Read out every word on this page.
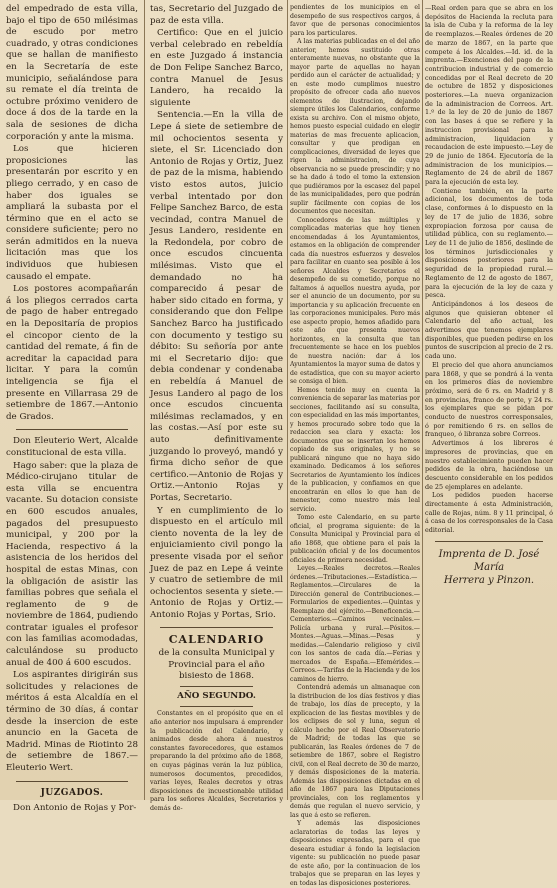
del empedrado de esta villa, bajo el tipo de 650 milésimas de escudo por metro cuadrado, y otras condiciones que se hallan de manifiesto en la Secretaría de este municipio, señalándose para su remate el día treinta de octubre próximo venidero de doce á dos de la tarde en la sala de sesiones de dicha corporación y ante la misma.

Los que hicieren proposiciones las presentarán por escrito y en pliego cerrado, y en caso de haber dos iguales se ampliará la subasta por el término que en el acto se considere suficiente; pero no serán admitidos en la nueva licitación mas que los individuos que hubiesen causado el empate.

Los postores acompañarán á los pliegos cerrados carta de pago de haber entregado en la Depositaría de propios el cincopor ciento de la cantidad del remate, á fin de acreditar la capacidad para licitar. Y para la común inteligencia se fija el presente en Villarrasa 29 de setiembre de 1867.—Antonio de Grados.

Don Eleuterio Wert, Alcalde constitucional de esta villa.

Hago saber: que la plaza de Médico-cirujano titular de esta villa se encuentra vacante. Su dotacion consiste en 600 escudos anuales, pagados del presupuesto municipal, y 200 por la Hacienda, respectivo á la asistencia de los heridos del hospital de estas Minas, con la obligación de asistir las familias pobres que señala el reglamento de 9 de noviembre de 1864, pudiendo contratar iguales el profesor con las familias acomodadas, calculándose su producto anual de 400 á 600 escudos.

Los aspirantes dirigirán sus solicitudes y relaciones de méritos á esta Alcaldía en el término de 30 días, á contar desde la insercion de este anuncio en la Gaceta de Madrid. Minas de Riotinto 28 de setiembre de 1867.—Eleuterio Wert.

JUZGADOS.

Don Antonio de Rojas y Por-

tas, Secretario del Juzgado de paz de esta villa.

Certifico: Que en el juicio verbal celebrado en rebeldía en este Juzgado á instancia de Don Felipe Sanchez Barco, contra Manuel de Jesus Landero, ha recaido la siguiente

Sentencia.—En la villa de Lepe á siete de setiembre de mil ochocientos sesenta y siete, el Sr. Licenciado don Antonio de Rojas y Ortiz, Juez de paz de la misma, habiendo visto estos autos, juicio verbal intentado por don Felipe Sanchez Barco, de esta vecindad, contra Manuel de Jesus Landero, residente en la Redondela, por cobro de once escudos cincuenta milésimas. Visto que el demandado no ha comparecido á pesar de haber sido citado en forma, y considerando que don Felipe Sanchez Barco ha justificado con documento y testigo su débito: Su señoría por ante mi el Secretario dijo: que debia condenar y condenaba en rebeldía á Manuel de Jesus Landero al pago de los once escudos cincuenta milésimas reclamados, y en las costas.—Así por este su auto definitivamente juzgando lo proveyó, mandó y firma dicho señor de que certifico.—Antonio de Rojas y Ortiz.—Antonio Rojas y Portas, Secretario.

Y en cumplimiento de lo dispuesto en el artículo mil ciento noventa de la ley de enjuiciamiento civil pongo la presente visada por el señor Juez de paz en Lepe á veinte y cuatro de setiembre de mil ochocientos sesenta y siete.—Antonio de Rojas y Ortiz.—Antonio Rojas y Portas, Srio.

CALENDARIO
de la consulta Municipal y Provincial para el año bisiesto de 1868.
AÑO SEGUNDO.

Constantes en el propósito que en el año anterior nos impulsara á emprender la publicación del Calendario, y animados desde ahora á nuestros constantes favorecedores, que estamos preparando la del próximo año de 1868, en cuyas páginas verán la luz pública, numerosos documentos, precedidos, varias leyes, Reales decretos y otras disposiciones de incuestionable utilidad para los señores Alcaldes, Secretarios y demás de-

pendientes de los municipios en el desempeño de sus respectivos cargos, á favor que de personas conocimientos para los particulares.

A las materias publicadas en el del año anterior, hemos sustituido otras enteramente nuevas, no obstante que la mayor parte de aquellas no hayan perdido aun el carácter de actualidad; y en este modo cumplimos nuestro propósito de ofrecer cada año nuevos elementos de ilustracion, dejando siempre útiles los Calendarios, conforme exista su archivo. Con el mismo objeto, hemos puesto especial cuidado en elegir materias de mas frecuente aplicacion, consultar y que prodigan en complicaciones, diversidad de leyes que rigen la administracion, de cuya observancia no se puede prescindir; y no se ha dado á todo el tomo la extension que pudiéramos por la escasez del papel de las municipalidades, pero que podrán suplir fácilmente con copias de los documentos que necesitan.

Conocedores de las múltiples y complicadas materias que hoy tienen encomendadas á los Ayuntamientos, estamos en la obligación de comprender cada día nuestros esfuerzos y desvelos para facilitar en cuanto sea posible á los señores Alcaldes y Secretarios el desempeño de su cometido, porque no faltamos á aquellos nuestra ayuda, por ser el anuncio de un documento, por su importancia y su aplicación frecuente en las corporaciones municipales. Pero más ese aspecto propio, hemos añadido para este año que presenta nuevos horizontes, en la consulta que tan frecuentemente se hace en los pueblos de nuestra nación: dar á los Ayuntamientos la mayor suma de datos y de estadística, que con su mayor acierto se consiga el bien.

Hemos tenido muy en cuenta la conveniencia de separar las materias por secciones, facilitando así su consulta, con especialidad en las más importantes, y hemos procurado sobre todo que la redaccion sea clara y exacta: los documentos que se insertan los hemos copiado de sus originales, y no se publicará ninguno que no haya sido examinado. Dedicamos á los señores Secretarios de Ayuntamiento los índices de la publicacion, y confiamos en que encontrarán en ellos lo que han de menester, como nuestro más leal servicio.

Tomo este Calendario, en su parte oficial, el programa siguiente: de la Consulta Municipal y Provincial para el año 1868, que obtiene para el país la publicación oficial y de los documentos oficiales de primera necesidad.

Leyes.—Reales decretos.—Reales órdenes.—Tributaciones.—Estadística.—Reglamentos.—Circulares de la Dirección general de Contribuciones.—Formularios de expedientes.—Quintas y Reemplazo del ejército.—Beneficencia.—Cementerios.—Caminos vecinales.—Policía urbana y rural.—Pósitos.—Montes.—Aguas.—Minas.—Pesas y medidas.—Calendario religioso y civil con los santos de cada día.—Ferias y mercados de España.—Efemérides.—Correos.—Tarifas de la Hacienda y de los caminos de hierro.

Contendrá además un almanaque con la distribucion de los días festivos y dias de trabajo, los días de precepto, y la explicacion de las fiestas movibles y de los eclipses de sol y luna, segun el cálculo hecho por el Real Observatorio de Madrid; de todas las que se publicarán, las Reales órdenes de 7 de setiembre de 1867, sobre el Registro civil, con el Real decreto de 30 de marzo, y demás disposiciones de la materia. Además las disposiciones dictadas en el año de 1867 para las Diputaciones provinciales, con los reglamentos y demás que regulan el nuevo servicio, y las que á esto se refieren.

Y además las disposiciones aclaratorias de todas las leyes y disposiciones expresadas, para el que deseara estudiar á fondo la legislacion vigente: su publicación no puede pasar de este año, por la continuacion de los trabajos que se preparan en las leyes y en todas las disposiciones posteriores.

—Real orden para que se abra en los depósitos de Hacienda la recluta para la isla de Cuba y la reforma de la ley de reemplazos.—Reales órdenes de 20 de marzo de 1867, en la parte que compete á los Alcaldes.—Id. id. de la imprenta.—Exenciones del pago de la contribucion industrial y de comercio concedidas por el Real decreto de 20 de octubre de 1852 y disposiciones posteriores.—La nueva organizacion de la administracion de Correos. Art. 1.º de la ley de 20 de junio de 1867 con las bases á que se refiere y la instruccion provisional para la administracion, liquidacion y recaudacion de este impuesto.—Ley de 29 de junio de 1864. Ejecutoría de la administracion de los municipios.—Reglamento de 24 de abril de 1867 para la ejecución de esta ley.

Contiene también, en la parte adicional, los documentos de toda clase, conformes á lo dispuesto en la ley de 17 de julio de 1836, sobre expropiacion forzosa por causa de utilidad pública, con su reglamento.—Ley de 11 de julio de 1856, deslinde de los términos jurisdiccionales y disposiciones posteriores para la seguridad de la propiedad rural.—Reglamento de 12 de agosto de 1867, para la ejecución de la ley de caza y pesca.

Anticipándonos á los deseos de algunos que quisieran obtener el Calendario del año actual, les advertimos que tenemos ejemplares disponibles, que pueden pedirse en los puntos de suscripcion al precio de 2 rs. cada uno.

El precio del que ahora anunciamos para 1868, y que se pondrá á la venta en los primeros días de noviembre próximo, será de 6 rs. en Madrid y 8 en provincias, franco de porte, y 24 rs. los ejemplares que se pidan por conducto de nuestros corresponsales, ó por remitiendo 6 rs. en sellos de franqueo, ó libranza sobre Correos.

Advertimos á los libreros é impresores de provincias, que en nuestro establecimiento pueden hacer pedidos de la obra, haciéndose un descuento considerable en los pedidos de 25 ejemplares en adelante.

Los pedidos pueden hacerse directamente á esta Administración, calle de Rojas, núm. 8 y 11 principal, ó á casa de los corresponsales de la Casa editorial.

Imprenta de D. José María
Herrera y Pinzon.
